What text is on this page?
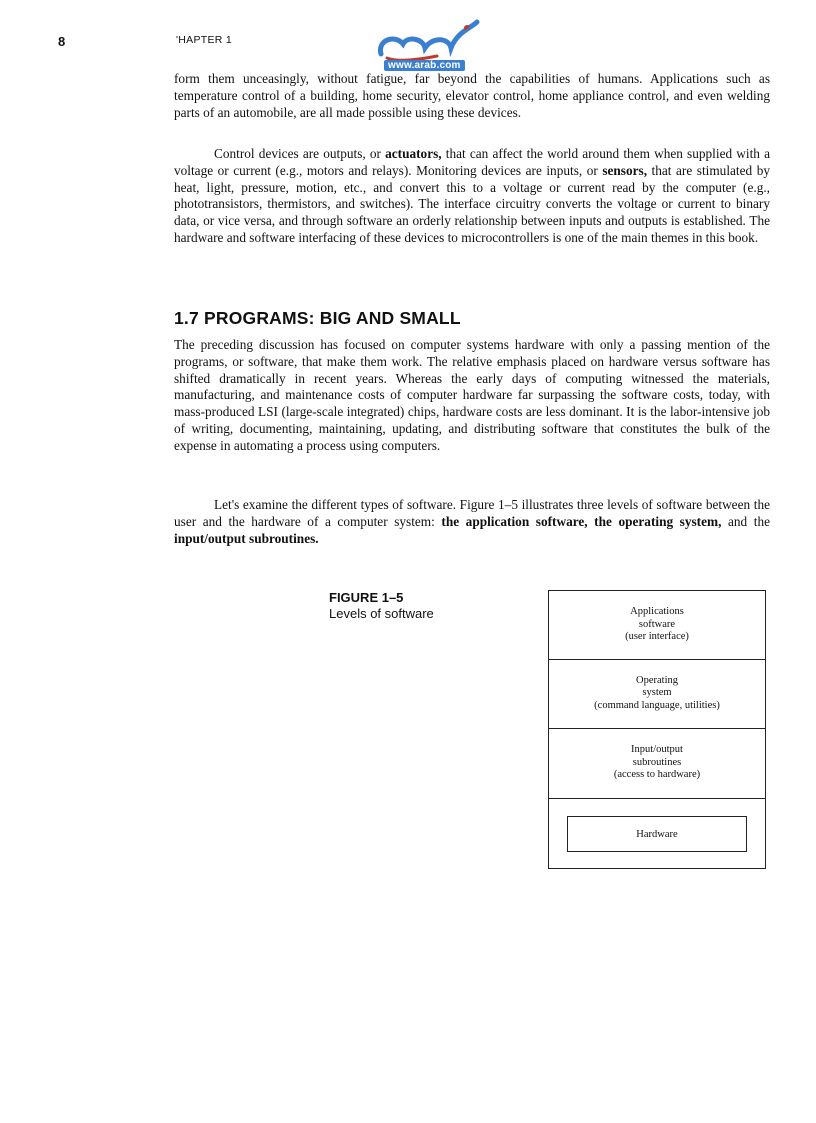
8	'HAPTER 1
www.arab.com
form them unceasingly, without fatigue, far beyond the capabilities of humans. Applications such as temperature control of a building, home security, elevator control, home appliance control, and even welding parts of an automobile, are all made possible using these devices.
Control devices are outputs, or actuators, that can affect the world around them when supplied with a voltage or current (e.g., motors and relays). Monitoring devices are inputs, or sensors, that are stimulated by heat, light, pressure, motion, etc., and convert this to a voltage or current read by the computer (e.g., phototransistors, thermistors, and switches). The interface circuitry converts the voltage or current to binary data, or vice versa, and through software an orderly relationship between inputs and outputs is established. The hardware and software interfacing of these devices to microcontrollers is one of the main themes in this book.
1.7 PROGRAMS: BIG AND SMALL
The preceding discussion has focused on computer systems hardware with only a passing mention of the programs, or software, that make them work. The relative emphasis placed on hardware versus software has shifted dramatically in recent years. Whereas the early days of computing witnessed the materials, manufacturing, and maintenance costs of computer hardware far surpassing the software costs, today, with mass-produced LSI (large-scale integrated) chips, hardware costs are less dominant. It is the labor-intensive job of writing, documenting, maintaining, updating, and distributing software that constitutes the bulk of the expense in automating a process using computers.
Let's examine the different types of software. Figure 1–5 illustrates three levels of software between the user and the hardware of a computer system: the application software, the operating system, and the input/output subroutines.
FIGURE 1–5
Levels of software	Applications
software
(user interface)
Operating
system
(command language, utilities)
Input/output
subroutines
(access to hardware)
Hardware
